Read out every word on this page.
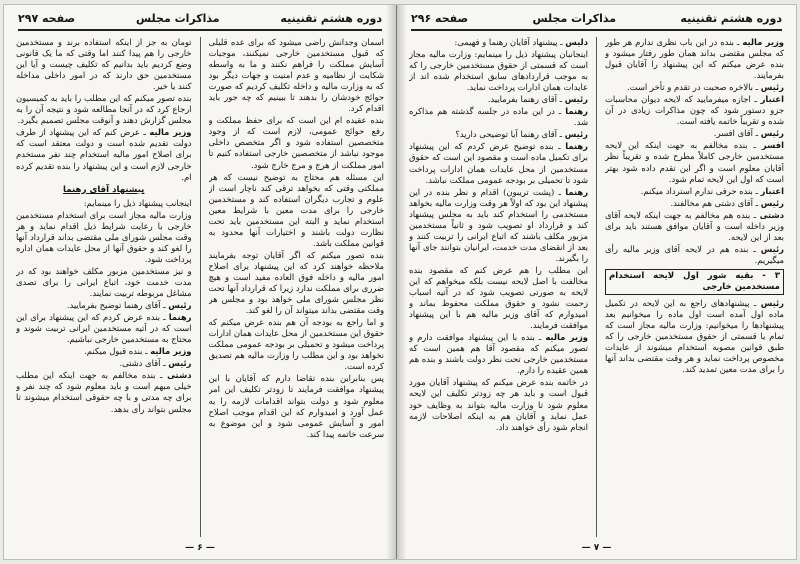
دوره هشتم تقنینیه
مذاکرات مجلس
صفحه ۲۹۷

اسمان وجدانش راضی میشود که برای عده قلیلی که قبول مستخدمین خارجی نمیکنند، موجبات آسایش مملکت را فراهم نکنند و ما به واسطه شکایت از نظامیه و عدم امنیت و جهات دیگر بود که به وزارت مالیه و داخله تکلیف کردیم که صورت حوائج خودشان را بدهند تا ببینیم که چه جور باید اقدام کرد.

بنده عقیده ام این است که برای حفظ مملکت و رفع حوائج عمومی، لازم است که از وجود متخصصین استفاده شود و اگر متخصص داخلی موجود نباشد از متخصصین خارجی استفاده کنیم تا امور مملکت از هرج و مرج خارج شود.

این مسئله هم محتاج به توضیح نیست که هر مملکتی وقتی که بخواهد ترقی کند ناچار است از علوم و تجارب دیگران استفاده کند و مستخدمین خارجی را برای مدت معین با شرایط معین استخدام نماید و البته این مستخدمین باید تحت نظارت دولت باشند و اختیارات آنها محدود به قوانین مملکت باشد.

بنده تصور میکنم که اگر آقایان توجه بفرمایند ملاحظه خواهند کرد که این پیشنهاد برای اصلاح امور مالیه و داخله فوق العاده مفید است و هیچ ضرری برای مملکت ندارد زیرا که قرارداد آنها تحت نظر مجلس شورای ملی خواهد بود و مجلس هر وقت مقتضی بداند میتواند آن را لغو کند.

و اما راجع به بودجه آن هم بنده عرض میکنم که حقوق این مستخدمین از محل عایدات همان ادارات پرداخت میشود و تحمیلی بر بودجه عمومی مملکت نخواهد بود و این مطلب را وزارت مالیه هم تصدیق کرده است.

پس بنابراین بنده تقاضا دارم که آقایان با این پیشنهاد موافقت فرمایند تا زودتر تکلیف این امر معلوم شود و دولت بتواند اقدامات لازمه را به عمل آورد و امیدوارم که این اقدام موجب اصلاح امور و آسایش عمومی شود و این موضوع به سرعت خاتمه پیدا کند.

تومان به جز از اینکه استفاده برند و مستخدمین خارجی را هم پیدا کنند اما وقتی که ما یک قانونی وضع کردیم باید بدانیم که تکلیف چیست و آیا این مستخدمین حق دارند که در امور داخلی مداخله کنند یا خیر.

بنده تصور میکنم که این مطلب را باید به کمیسیون ارجاع کرد که در آنجا مطالعه شود و نتیجه آن را به مجلس گزارش دهند و آنوقت مجلس تصمیم بگیرد.

وزیر مالیه ـ عرض کنم که این پیشنهاد از طرف دولت تقدیم شده است و دولت معتقد است که برای اصلاح امور مالیه استخدام چند نفر مستخدم خارجی لازم است و این پیشنهاد را بنده تقدیم کرده ام.

پیشنهاد آقای رهنما

اینجانب پیشنهاد ذیل را مینمایم:

وزارت مالیه مجاز است برای استخدام مستخدمین خارجی با رعایت شرایط ذیل اقدام نماید و هر وقت مجلس شورای ملی مقتضی بداند قرارداد آنها را لغو کند و حقوق آنها از محل عایدات همان اداره پرداخت شود.

و نیز مستخدمین مزبور مکلف خواهند بود که در مدت خدمت خود، اتباع ایرانی را برای تصدی مشاغل مربوطه تربیت نمایند.

رئیس ـ آقای رهنما توضیح بفرمایید.

رهنما ـ بنده عرض کردم که این پیشنهاد برای این است که در آتیه مستخدمین ایرانی تربیت شوند و محتاج به مستخدمین خارجی نباشیم.

وزیر مالیه ـ بنده قبول میکنم.

رئیس ـ آقای دشتی.

دشتی ـ بنده مخالفم به جهت اینکه این مطلب خیلی مبهم است و باید معلوم شود که چند نفر و برای چه مدتی و با چه حقوقی استخدام میشوند تا مجلس بتواند رأی بدهد.

— ۶ —
دوره هشتم تقنینیه
مذاکرات مجلس
صفحه ۲۹۶

وزیر مالیه ـ بنده در این باب نظری ندارم هر طور که مجلس مقتضی بداند همان طور رفتار میشود و بنده عرض میکنم که این پیشنهاد را آقایان قبول بفرمایند.

رئیس ـ بالاخره صحبت در تقدم و تأخر است.

اعتبار ـ اجازه میفرمایید که لایحه دیوان محاسبات جزو دستور شود که چون مذاکرات زیادی در آن شده و تقریباً خاتمه یافته است.

رئیس ـ آقای افسر.

افسر ـ بنده مخالفم به جهت اینکه این لایحه مستخدمین خارجی کاملاً مطرح شده و تقریباً نظر آقایان معلوم است و اگر این تقدم داده شود بهتر است که اول این لایحه تمام شود.

اعتبار ـ بنده حرفی ندارم استرداد میکنم.

رئیس ـ آقای دشتی هم مخالفند.

دشتی ـ بنده هم مخالفم به جهت اینکه لایحه آقای وزیر داخله است و آقایان موافق هستند باید برای بعد از این لایحه.

رئیس ـ بنده هم در لایحه آقای وزیر مالیه رأی میگیریم.

۳ - بقیه شور اول لایحه استخدام مستخدمین خارجی

رئیس ـ پیشنهادهای راجع به این لایحه در تکمیل ماده اول آمده است اول ماده را میخوانیم بعد پیشنهادها را میخوانیم: وزارت مالیه مجاز است که تمام یا قسمتی از حقوق مستخدمین خارجی را که طبق قوانین مصوبه استخدام میشوند از عایدات مخصوص پرداخت نماید و هر وقت مقتضی بداند آنها را برای مدت معین تمدید کند.

دلیس ـ پیشنهاد آقایان رهنما و فهیمی:

اینجانبان پیشنهاد ذیل را مینمایم: وزارت مالیه مجاز است که قسمتی از حقوق مستخدمین خارجی را که به موجب قراردادهای سابق استخدام شده اند از عایدات همان ادارات پرداخت نماید.

رئیس ـ آقای رهنما بفرمایید.

رهنما ـ در این ماده در جلسه گذشته هم مذاکره شد.

رئیس ـ آقای رهنما آیا توضیحی دارید؟

رهنما ـ بنده توضیح عرض کردم که این پیشنهاد برای تکمیل ماده است و مقصود این است که حقوق مستخدمین از محل عایدات همان ادارات پرداخت شود تا تحمیلی بر بودجه عمومی مملکت نباشد.

رهنما ـ (پشت تریبون) اقدام و نظر بنده در این پیشنهاد این بود که اولاً هر وقت وزارت مالیه بخواهد مستخدمی را استخدام کند باید به مجلس پیشنهاد کند و قرارداد او تصویب شود و ثانیاً مستخدمین مزبور مکلف باشند که اتباع ایرانی را تربیت کنند و بعد از انقضای مدت خدمت، ایرانیان بتوانند جای آنها را بگیرند.

این مطلب را هم عرض کنم که مقصود بنده مخالفت با اصل لایحه نیست بلکه میخواهم که این لایحه به صورتی تصویب شود که در آتیه اسباب زحمت نشود و حقوق مملکت محفوظ بماند و امیدوارم که آقای وزیر مالیه هم با این پیشنهاد موافقت فرمایند.

وزیر مالیه ـ بنده با این پیشنهاد موافقت دارم و تصور میکنم که مقصود آقا هم همین است که مستخدمین خارجی تحت نظر دولت باشند و بنده هم همین عقیده را دارم.

در خاتمه بنده عرض میکنم که پیشنهاد آقایان مورد قبول است و باید هر چه زودتر تکلیف این لایحه معلوم شود تا وزارت مالیه بتواند به وظایف خود عمل نماید و آقایان هم به اینکه اصلاحات لازمه انجام شود رأی خواهند داد.

— ۷ —
